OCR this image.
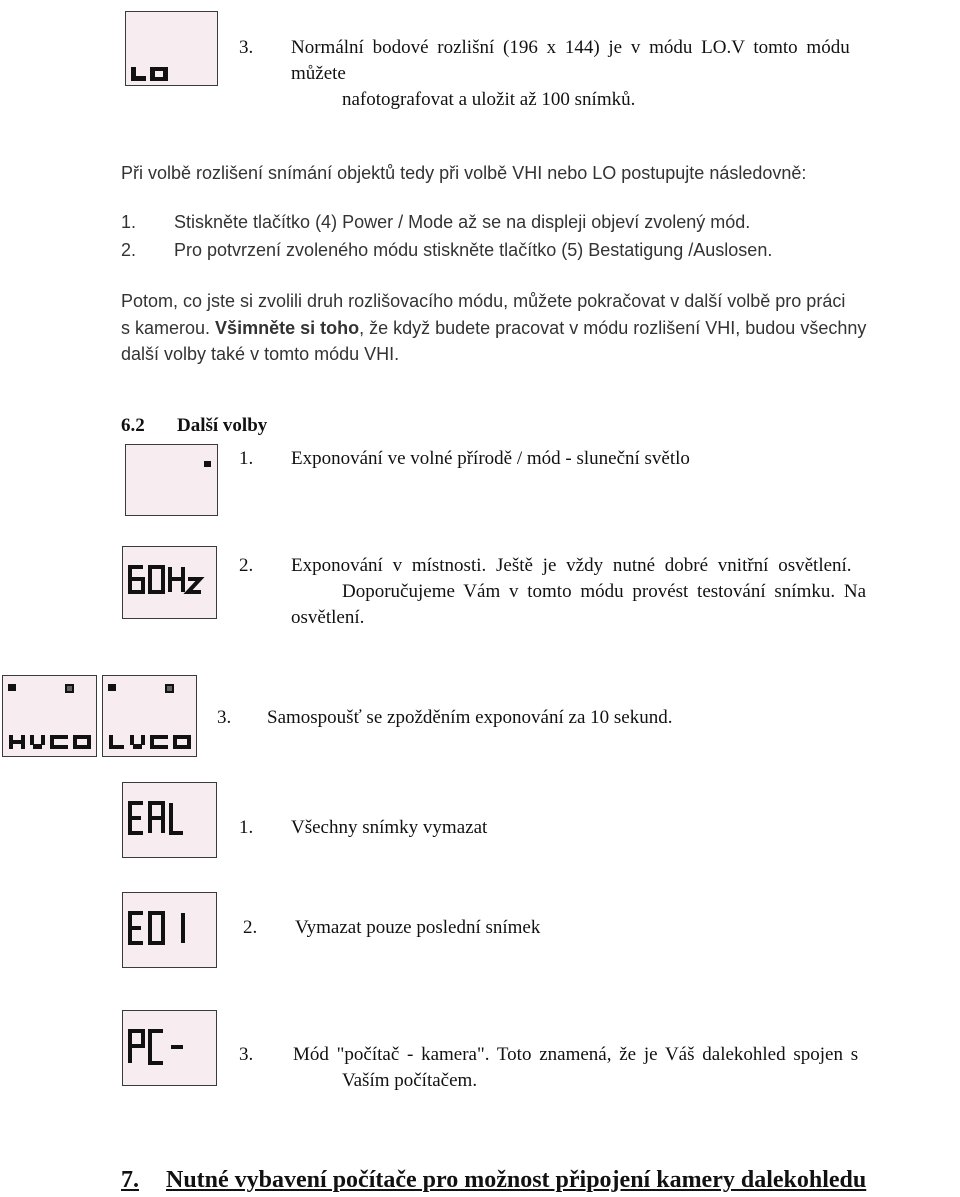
3. Normální bodové rozlišní (196 x 144) je v módu LO.V tomto módu
můžete
nafotografovat a uložit až 100 snímků.
Při volbě rozlišení snímání objektů tedy při volbě VHI nebo LO postupujte následovně:
1. Stiskněte tlačítko (4) Power / Mode až se na displeji objeví zvolený mód.
2. Pro potvrzení zvoleného módu stiskněte tlačítko (5) Bestatigung /Auslosen.
Potom, co jste si zvolili druh rozlišovacího módu, můžete pokračovat v další volbě pro práci
s kamerou. Všimněte si toho, že když budete pracovat v módu rozlišení VHI, budou všechny
další volby také v tomto módu VHI.
6.2 Další volby
1. Exponování ve volné přírodě / mód - sluneční světlo
2. Exponování v místnosti. Ještě je vždy nutné dobré vnitřní osvětlení.
Doporučujeme Vám v tomto módu provést testování snímku. Na
osvětlení.
3. Samospoušť se zpožděním exponování za 10 sekund.
1. Všechny snímky vymazat
2. Vymazat pouze poslední snímek
3. Mód "počítač - kamera". Toto znamená, že je Váš dalekohled spojen s
Vaším počítačem.
7. Nutné vybavení počítače pro možnost připojení kamery dalekohledu
